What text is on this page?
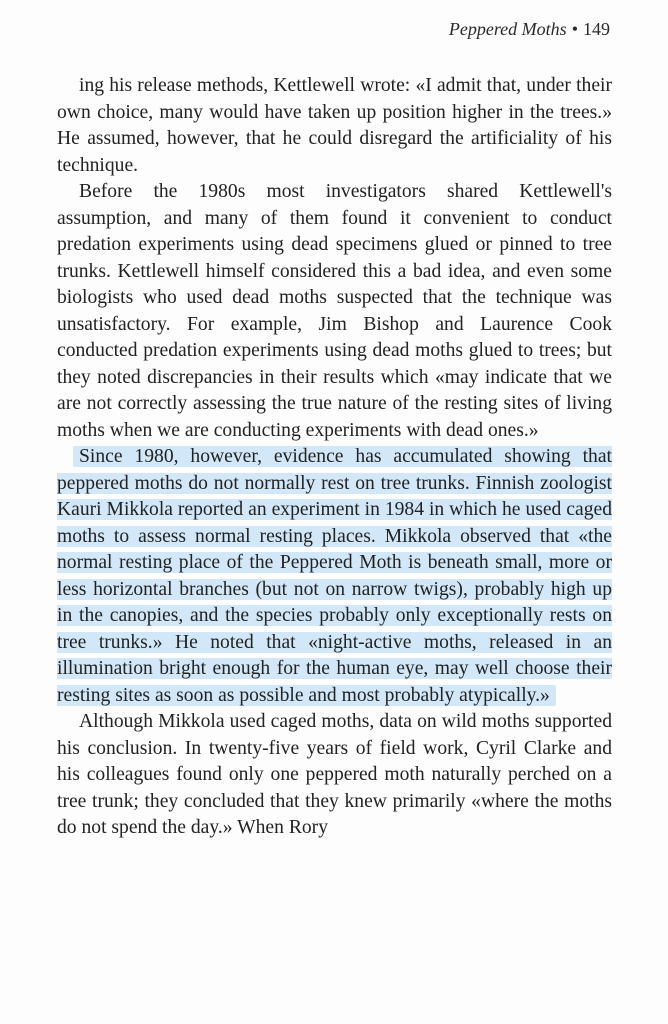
Peppered Moths • 149

ing his release methods, Kettlewell wrote: «I admit that, under their own choice, many would have taken up position higher in the trees.» He assumed, however, that he could disregard the artificiality of his technique.

Before the 1980s most investigators shared Kettlewell's assumption, and many of them found it convenient to conduct predation experiments using dead specimens glued or pinned to tree trunks. Kettlewell himself considered this a bad idea, and even some biologists who used dead moths suspected that the technique was unsatisfactory. For example, Jim Bishop and Laurence Cook conducted predation experiments using dead moths glued to trees; but they noted discrepancies in their results which «may indicate that we are not correctly assessing the true nature of the resting sites of living moths when we are conducting experiments with dead ones.»

Since 1980, however, evidence has accumulated showing that peppered moths do not normally rest on tree trunks. Finnish zoologist Kauri Mikkola reported an experiment in 1984 in which he used caged moths to assess normal resting places. Mikkola observed that «the normal resting place of the Peppered Moth is beneath small, more or less horizontal branches (but not on narrow twigs), probably high up in the canopies, and the species probably only exceptionally rests on tree trunks.» He noted that «night-active moths, released in an illumination bright enough for the human eye, may well choose their resting sites as soon as possible and most probably atypically.»

Although Mikkola used caged moths, data on wild moths supported his conclusion. In twenty-five years of field work, Cyril Clarke and his colleagues found only one peppered moth naturally perched on a tree trunk; they concluded that they knew primarily «where the moths do not spend the day.» When Rory
